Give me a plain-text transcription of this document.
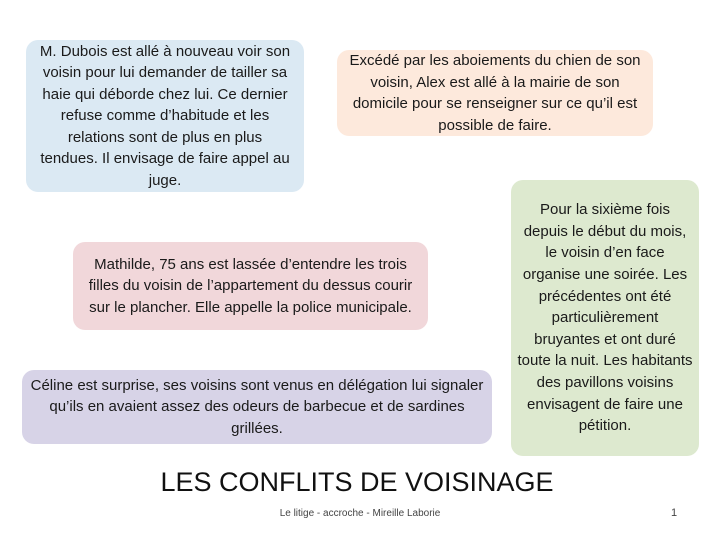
M. Dubois est allé à nouveau voir son voisin pour lui demander de tailler sa haie qui déborde chez lui. Ce dernier refuse comme d’habitude et les relations sont de plus en plus tendues. Il envisage de faire appel au juge.
Excédé par les aboiements du chien de son voisin, Alex est allé à la mairie de son domicile pour se renseigner sur ce qu’il est possible de faire.
Mathilde, 75 ans est lassée d’entendre les trois filles du voisin de l’appartement du dessus courir sur le plancher. Elle appelle la police municipale.
Céline est surprise, ses voisins sont venus en délégation lui signaler qu’ils en avaient assez des odeurs de barbecue et de sardines grillées.
Pour la sixième fois depuis le début du mois, le voisin d’en face organise une soirée. Les précédentes ont été particulièrement bruyantes et ont duré toute la nuit. Les habitants des pavillons voisins envisagent de faire une pétition.
LES CONFLITS DE VOISINAGE
Le litige - accroche - Mireille Laborie	1
